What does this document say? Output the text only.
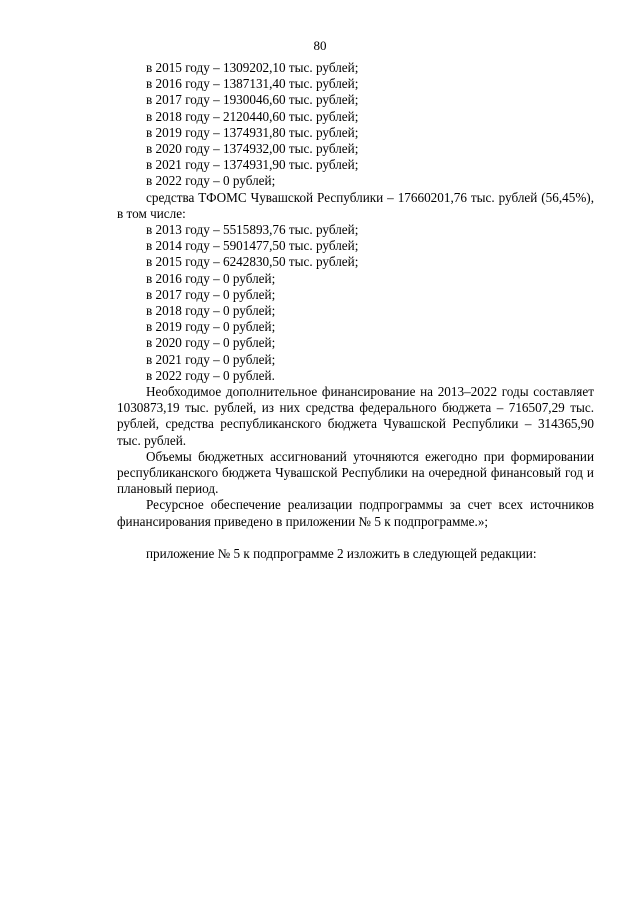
80

в 2015 году – 1309202,10 тыс. рублей;

в 2016 году – 1387131,40 тыс. рублей;

в 2017 году – 1930046,60 тыс. рублей;

в 2018 году – 2120440,60 тыс. рублей;

в 2019 году – 1374931,80 тыс. рублей;

в 2020 году – 1374932,00 тыс. рублей;

в 2021 году – 1374931,90 тыс. рублей;

в 2022 году – 0 рублей;

средства ТФОМС Чувашской Республики – 17660201,76 тыс. рублей (56,45%), в том числе:

в 2013 году – 5515893,76 тыс. рублей;

в 2014 году – 5901477,50 тыс. рублей;

в 2015 году – 6242830,50 тыс. рублей;

в 2016 году – 0 рублей;

в 2017 году – 0 рублей;

в 2018 году – 0 рублей;

в 2019 году – 0 рублей;

в 2020 году – 0 рублей;

в 2021 году – 0 рублей;

в 2022 году – 0 рублей.

Необходимое дополнительное финансирование на 2013–2022 годы составляет 1030873,19 тыс. рублей, из них средства федерального бюджета – 716507,29 тыс. рублей, средства республиканского бюджета Чувашской Республики – 314365,90 тыс. рублей.

Объемы бюджетных ассигнований уточняются ежегодно при формировании республиканского бюджета Чувашской Республики на очередной финансовый год и плановый период.

Ресурсное обеспечение реализации подпрограммы за счет всех источников финансирования приведено в приложении № 5 к подпрограмме.»;

приложение № 5 к подпрограмме 2 изложить в следующей редакции:
